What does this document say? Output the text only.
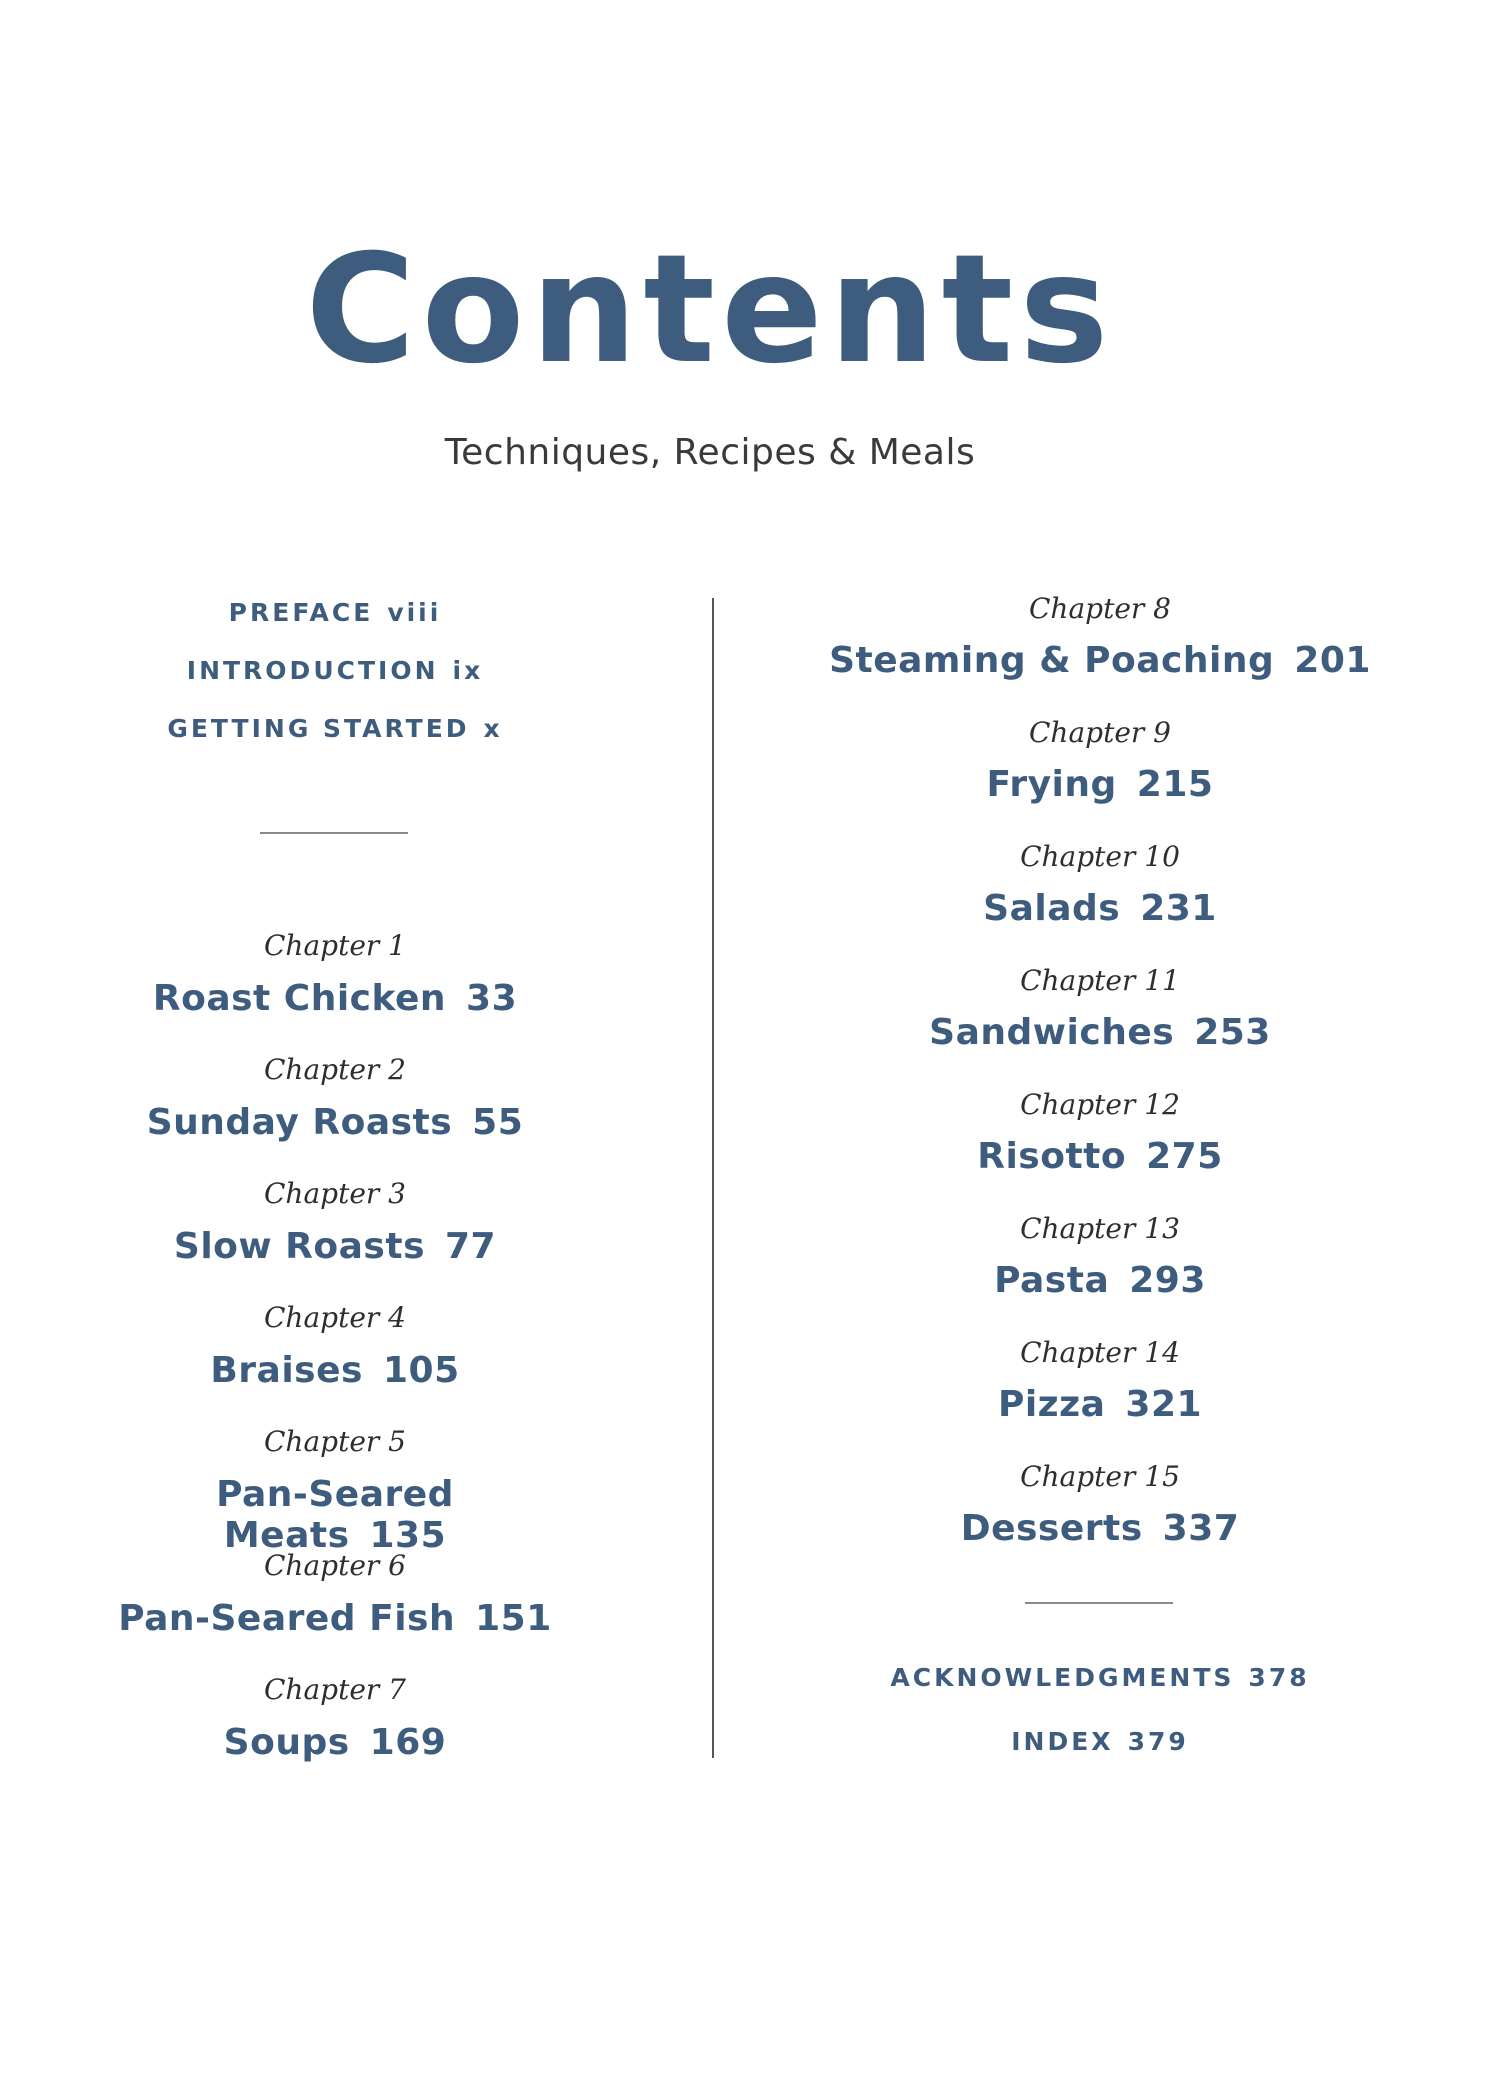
Contents
Techniques, Recipes & Meals
PREFACE viii
INTRODUCTION ix
GETTING STARTED x
Chapter 1
Roast Chicken 33
Chapter 2
Sunday Roasts 55
Chapter 3
Slow Roasts 77
Chapter 4
Braises 105
Chapter 5
Pan-Seared Meats 135
Chapter 6
Pan-Seared Fish 151
Chapter 7
Soups 169
Chapter 8
Steaming & Poaching 201
Chapter 9
Frying 215
Chapter 10
Salads 231
Chapter 11
Sandwiches 253
Chapter 12
Risotto 275
Chapter 13
Pasta 293
Chapter 14
Pizza 321
Chapter 15
Desserts 337
ACKNOWLEDGMENTS 378
INDEX 379
